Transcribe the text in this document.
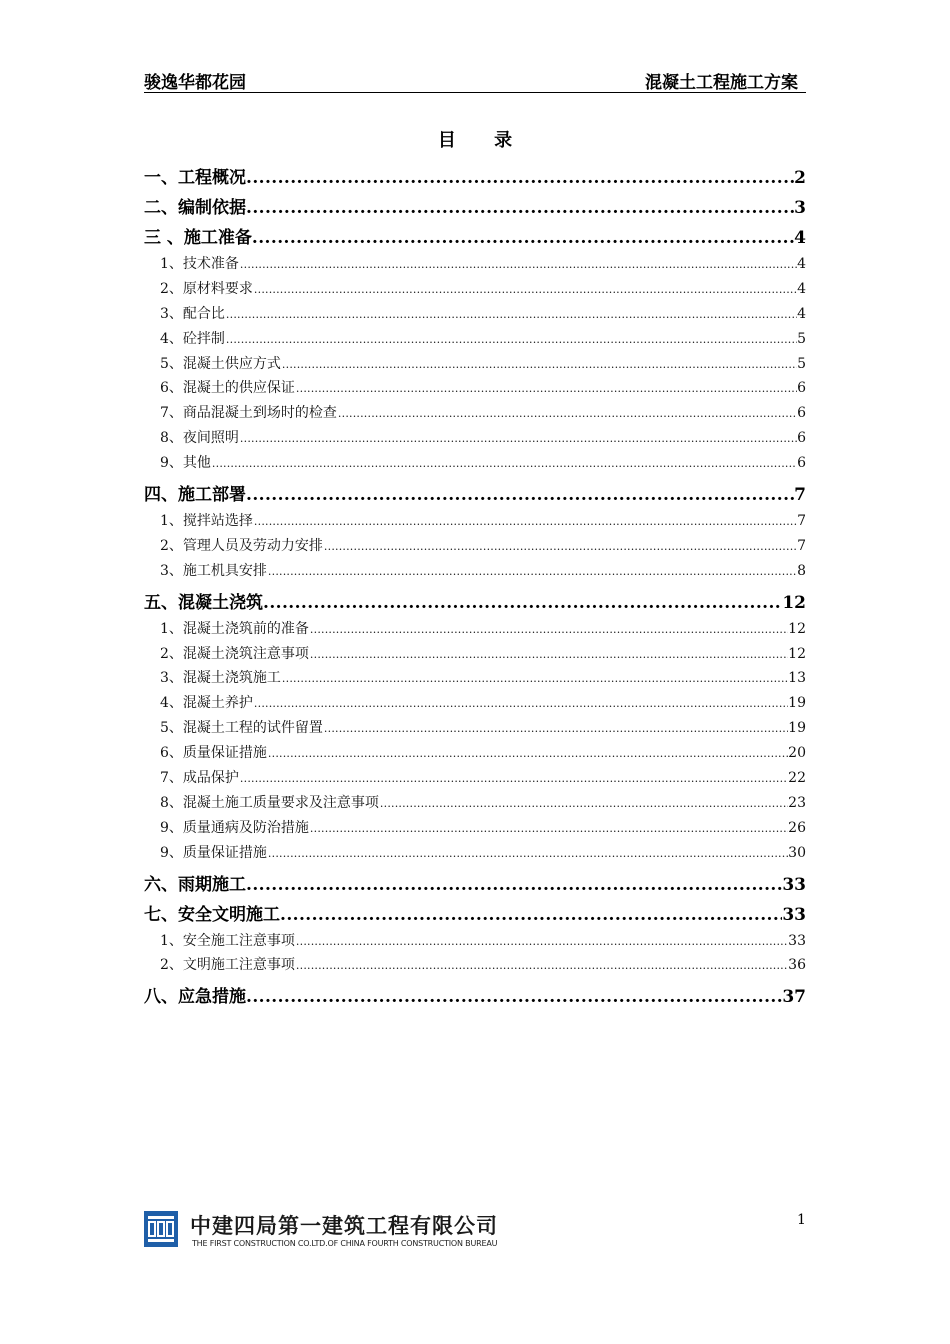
骏逸华都花园	混凝土工程施工方案
目 录
一、工程概况 .....	2
二、编制依据 .....	3
三 、施工准备 .....	4
1、技术准备 .....	4
2、原材料要求 .....	4
3、配合比 .....	4
4、砼拌制 .....	5
5、混凝土供应方式 .....	5
6、混凝土的供应保证 .....	6
7、商品混凝土到场时的检查 .....	6
8、夜间照明 .....	6
9、其他 .....	6
四、施工部署 .....	7
1、搅拌站选择 .....	7
2、管理人员及劳动力安排 .....	7
3、施工机具安排 .....	8
五、混凝土浇筑 .....	12
1、混凝土浇筑前的准备 .....	12
2、混凝土浇筑注意事项 .....	12
3、混凝土浇筑施工 .....	13
4、混凝土养护 .....	19
5、混凝土工程的试件留置 .....	19
6、质量保证措施 .....	20
7、成品保护 .....	22
8、混凝土施工质量要求及注意事项 .....	23
9、质量通病及防治措施 .....	26
9、质量保证措施 .....	30
六、雨期施工 .....	33
七、安全文明施工 .....	33
1、安全施工注意事项 .....	33
2、文明施工注意事项 .....	36
八、应急措施 .....	37
中建四局第一建筑工程有限公司
THE FIRST CONSTRUCTION CO.LTD.OF CHINA FOURTH CONSTRUCTION BUREAU
1
